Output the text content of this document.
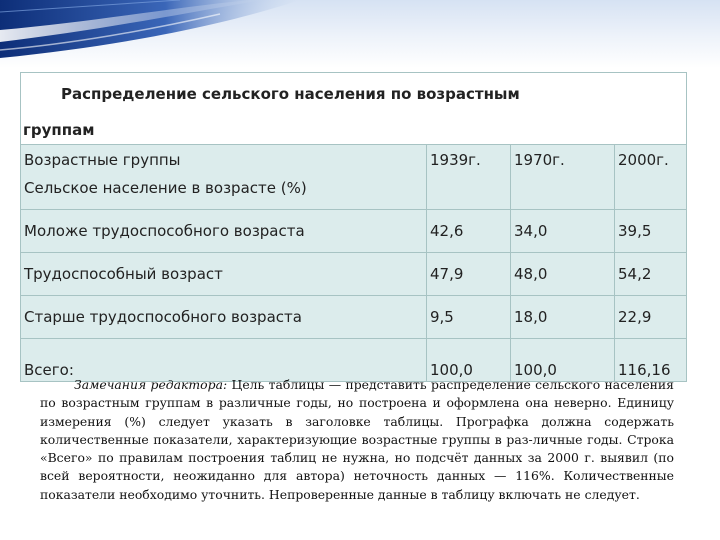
Распределение сельского населения по возрастным
группам			

Возрастные группы
Сельское население в возрасте (%)	1939г.	1970г.	2000г.
Моложе трудоспособного возраста	42,6	34,0	39,5
Трудоспособный возраст	47,9	48,0	54,2
Старше трудоспособного возраста	9,5	18,0	22,9
Всего:	100,0	100,0	116,16

Замечания редактора: Цель таблицы — представить распределение сельского населения по возрастным группам в различные годы, но построена и оформлена она неверно. Единицу измерения (%) следует указать в заголовке таблицы. Прографка должна содержать количественные показатели, характеризующие возрастные группы в раз-личные годы. Строка «Всего» по правилам построения таблиц не нужна, но подсчёт данных за 2000 г. выявил (по всей вероятности, неожиданно для автора) неточность данных — 116%. Количественные показатели необходимо уточнить. Непроверенные данные в таблицу включать не следует.
